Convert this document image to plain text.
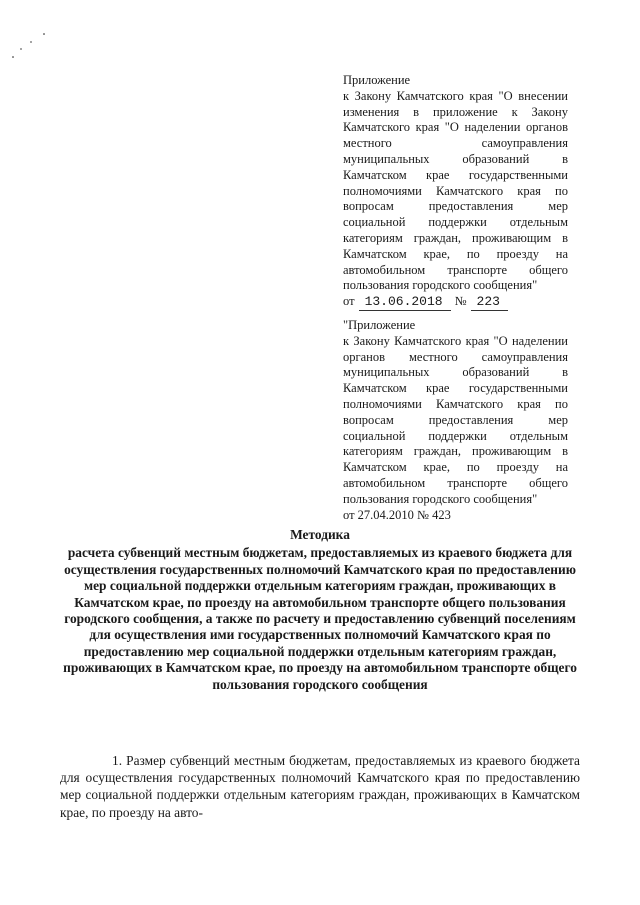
Приложение
к Закону Камчатского края "О внесении изменения в приложение к Закону Камчатского края "О наделении органов местного самоуправления муниципальных образований в Камчатском крае государственными полномочиями Камчатского края по вопросам предоставления мер социальной поддержки отдельным категориям граждан, проживающим в Камчатском крае, по проезду на автомобильном транспорте общего пользования городского сообщения"
от 13.06.2018 № 223
"Приложение
к Закону Камчатского края "О наделении органов местного самоуправления муниципальных образований в Камчатском крае государственными полномочиями Камчатского края по вопросам предоставления мер социальной поддержки отдельным категориям граждан, проживающим в Камчатском крае, по проезду на автомобильном транспорте общего пользования городского сообщения"
от 27.04.2010 № 423
Методика
расчета субвенций местным бюджетам, предоставляемых из краевого бюджета для осуществления государственных полномочий Камчатского края по предоставлению мер социальной поддержки отдельным категориям граждан, проживающих в Камчатском крае, по проезду на автомобильном транспорте общего пользования городского сообщения, а также по расчету и предоставлению субвенций поселениям для осуществления ими государственных полномочий Камчатского края по предоставлению мер социальной поддержки отдельным категориям граждан, проживающих в Камчатском крае, по проезду на автомобильном транспорте общего пользования городского сообщения
1. Размер субвенций местным бюджетам, предоставляемых из краевого бюджета для осуществления государственных полномочий Камчатского края по предоставлению мер социальной поддержки отдельным категориям граждан, проживающих в Камчатском крае, по проезду на авто-
